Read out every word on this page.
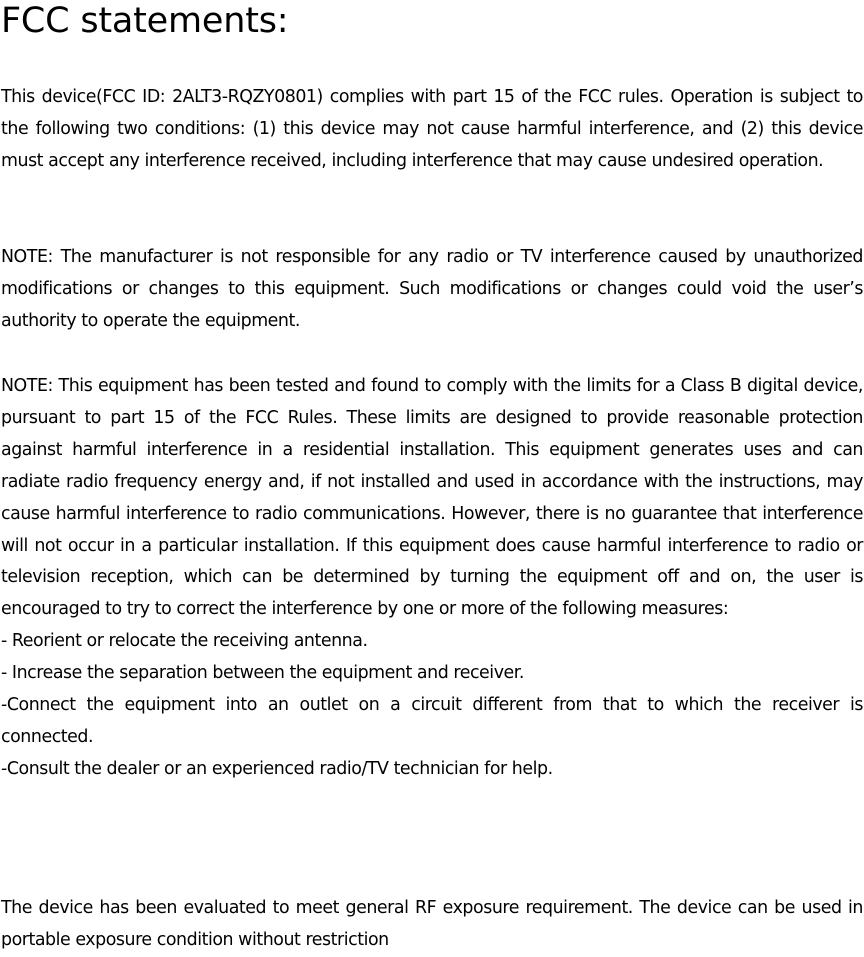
FCC statements:

This device(FCC ID: 2ALT3-RQZY0801) complies with part 15 of the FCC rules. Operation is subject to the following two conditions: (1) this device may not cause harmful interference, and (2) this device must accept any interference received, including interference that may cause undesired operation.

NOTE: The manufacturer is not responsible for any radio or TV interference caused by unauthorized modifications or changes to this equipment. Such modifications or changes could void the user’s authority to operate the equipment.

NOTE: This equipment has been tested and found to comply with the limits for a Class B digital device, pursuant to part 15 of the FCC Rules. These limits are designed to provide reasonable protection against harmful interference in a residential installation. This equipment generates uses and can radiate radio frequency energy and, if not installed and used in accordance with the instructions, may cause harmful interference to radio communications. However, there is no guarantee that interference will not occur in a particular installation. If this equipment does cause harmful interference to radio or television reception, which can be determined by turning the equipment off and on, the user is encouraged to try to correct the interference by one or more of the following measures:
- Reorient or relocate the receiving antenna.
- Increase the separation between the equipment and receiver.
-Connect the equipment into an outlet on a circuit different from that to which the receiver is connected.
-Consult the dealer or an experienced radio/TV technician for help.

The device has been evaluated to meet general RF exposure requirement. The device can be used in portable exposure condition without restriction
